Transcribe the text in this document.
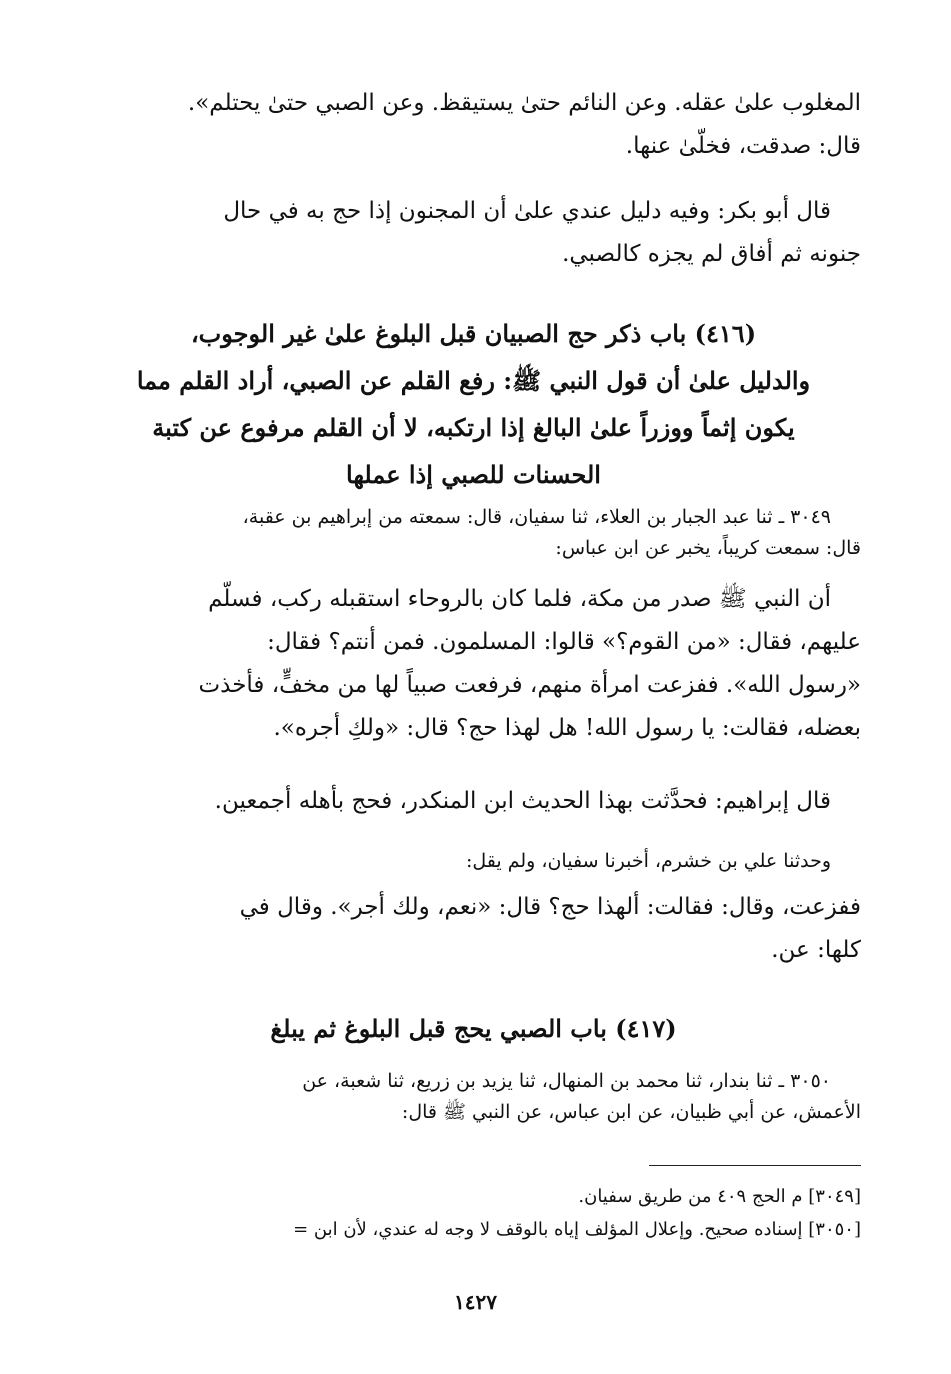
المغلوب علىٰ عقله. وعن النائم حتىٰ يستيقظ. وعن الصبي حتىٰ يحتلم».
قال: صدقت، فخلّىٰ عنها.
قال أبو بكر: وفيه دليل عندي علىٰ أن المجنون إذا حج به في حال
جنونه ثم أفاق لم يجزه كالصبي.
(٤١٦) باب ذكر حج الصبيان قبل البلوغ علىٰ غير الوجوب،
والدليل علىٰ أن قول النبي ﷺ: رفع القلم عن الصبي، أراد القلم مما
يكون إثماً ووزراً علىٰ البالغ إذا ارتكبه، لا أن القلم مرفوع عن كتبة
الحسنات للصبي إذا عملها
٣٠٤٩ ـ ثنا عبد الجبار بن العلاء، ثنا سفيان، قال: سمعته من إبراهيم بن عقبة،
قال: سمعت كريباً، يخبر عن ابن عباس:
أن النبي ﷺ صدر من مكة، فلما كان بالروحاء استقبله ركب، فسلّم
عليهم، فقال: «من القوم؟» قالوا: المسلمون. فمن أنتم؟ فقال:
«رسول الله». ففزعت امرأة منهم، فرفعت صبياً لها من مخفٍّ، فأخذت
بعضله، فقالت: يا رسول الله! هل لهذا حج؟ قال: «ولكِ أجره».
قال إبراهيم: فحدَّثت بهذا الحديث ابن المنكدر، فحج بأهله أجمعين.
وحدثنا علي بن خشرم، أخبرنا سفيان، ولم يقل:
ففزعت، وقال: فقالت: ألهذا حج؟ قال: «نعم، ولك أجر». وقال في
كلها: عن.
(٤١٧) باب الصبي يحج قبل البلوغ ثم يبلغ
٣٠٥٠ ـ ثنا بندار، ثنا محمد بن المنهال، ثنا يزيد بن زريع، ثنا شعبة، عن
الأعمش، عن أبي ظبيان، عن ابن عباس، عن النبي ﷺ قال:
[٣٠٤٩] م الحج ٤٠٩ من طريق سفيان.
[٣٠٥٠] إسناده صحيح. وإعلال المؤلف إياه بالوقف لا وجه له عندي، لأن ابن =
١٤٢٧
